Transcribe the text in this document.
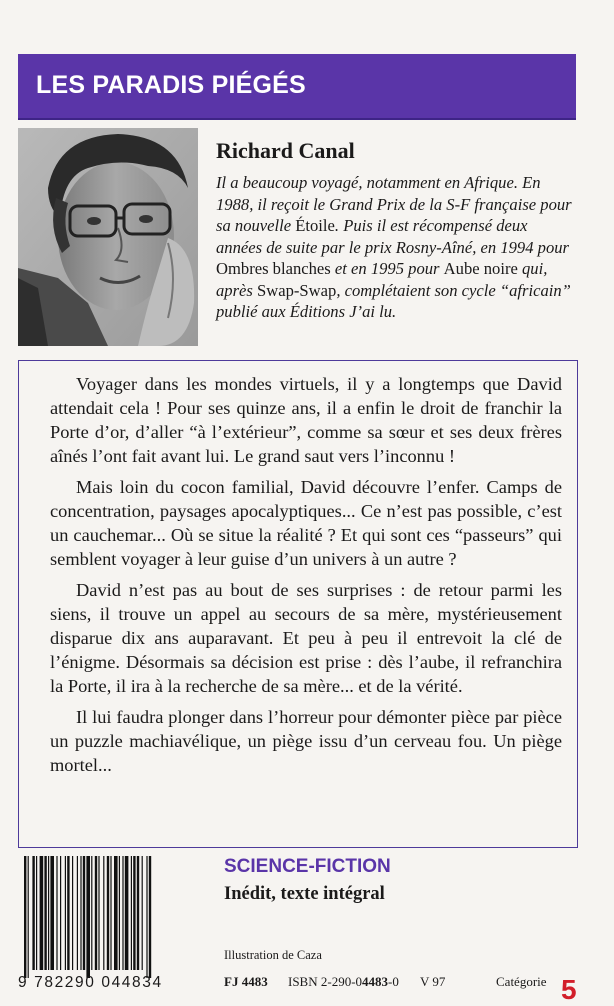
LES PARADIS PIÉGÉS
Richard Canal
Il a beaucoup voyagé, notamment en Afrique. En 1988, il reçoit le Grand Prix de la S-F française pour sa nouvelle Étoile. Puis il est récompensé deux années de suite par le prix Rosny-Aîné, en 1994 pour Ombres blanches et en 1995 pour Aube noire qui, après Swap-Swap, complétaient son cycle “africain” publié aux Éditions J’ai lu.

Voyager dans les mondes virtuels, il y a longtemps que David attendait cela ! Pour ses quinze ans, il a enfin le droit de franchir la Porte d’or, d’aller “à l’extérieur”, comme sa sœur et ses deux frères aînés l’ont fait avant lui. Le grand saut vers l’inconnu !

Mais loin du cocon familial, David découvre l’enfer. Camps de concentration, paysages apocalyptiques... Ce n’est pas possible, c’est un cauchemar... Où se situe la réalité ? Et qui sont ces “passeurs” qui semblent voyager à leur guise d’un univers à un autre ?

David n’est pas au bout de ses surprises : de retour parmi les siens, il trouve un appel au secours de sa mère, mystérieusement disparue dix ans auparavant. Et peu à peu il entrevoit la clé de l’énigme. Désormais sa décision est prise : dès l’aube, il refranchira la Porte, il ira à la recherche de sa mère... et de la vérité.

Il lui faudra plonger dans l’horreur pour démonter pièce par pièce un puzzle machiavélique, un piège issu d’un cerveau fou. Un piège mortel...

9 782290 044834
SCIENCE-FICTION
Inédit, texte intégral
Illustration de Caza
FJ 4483 ISBN 2-290-04483-0 V 97	Catégorie 5
